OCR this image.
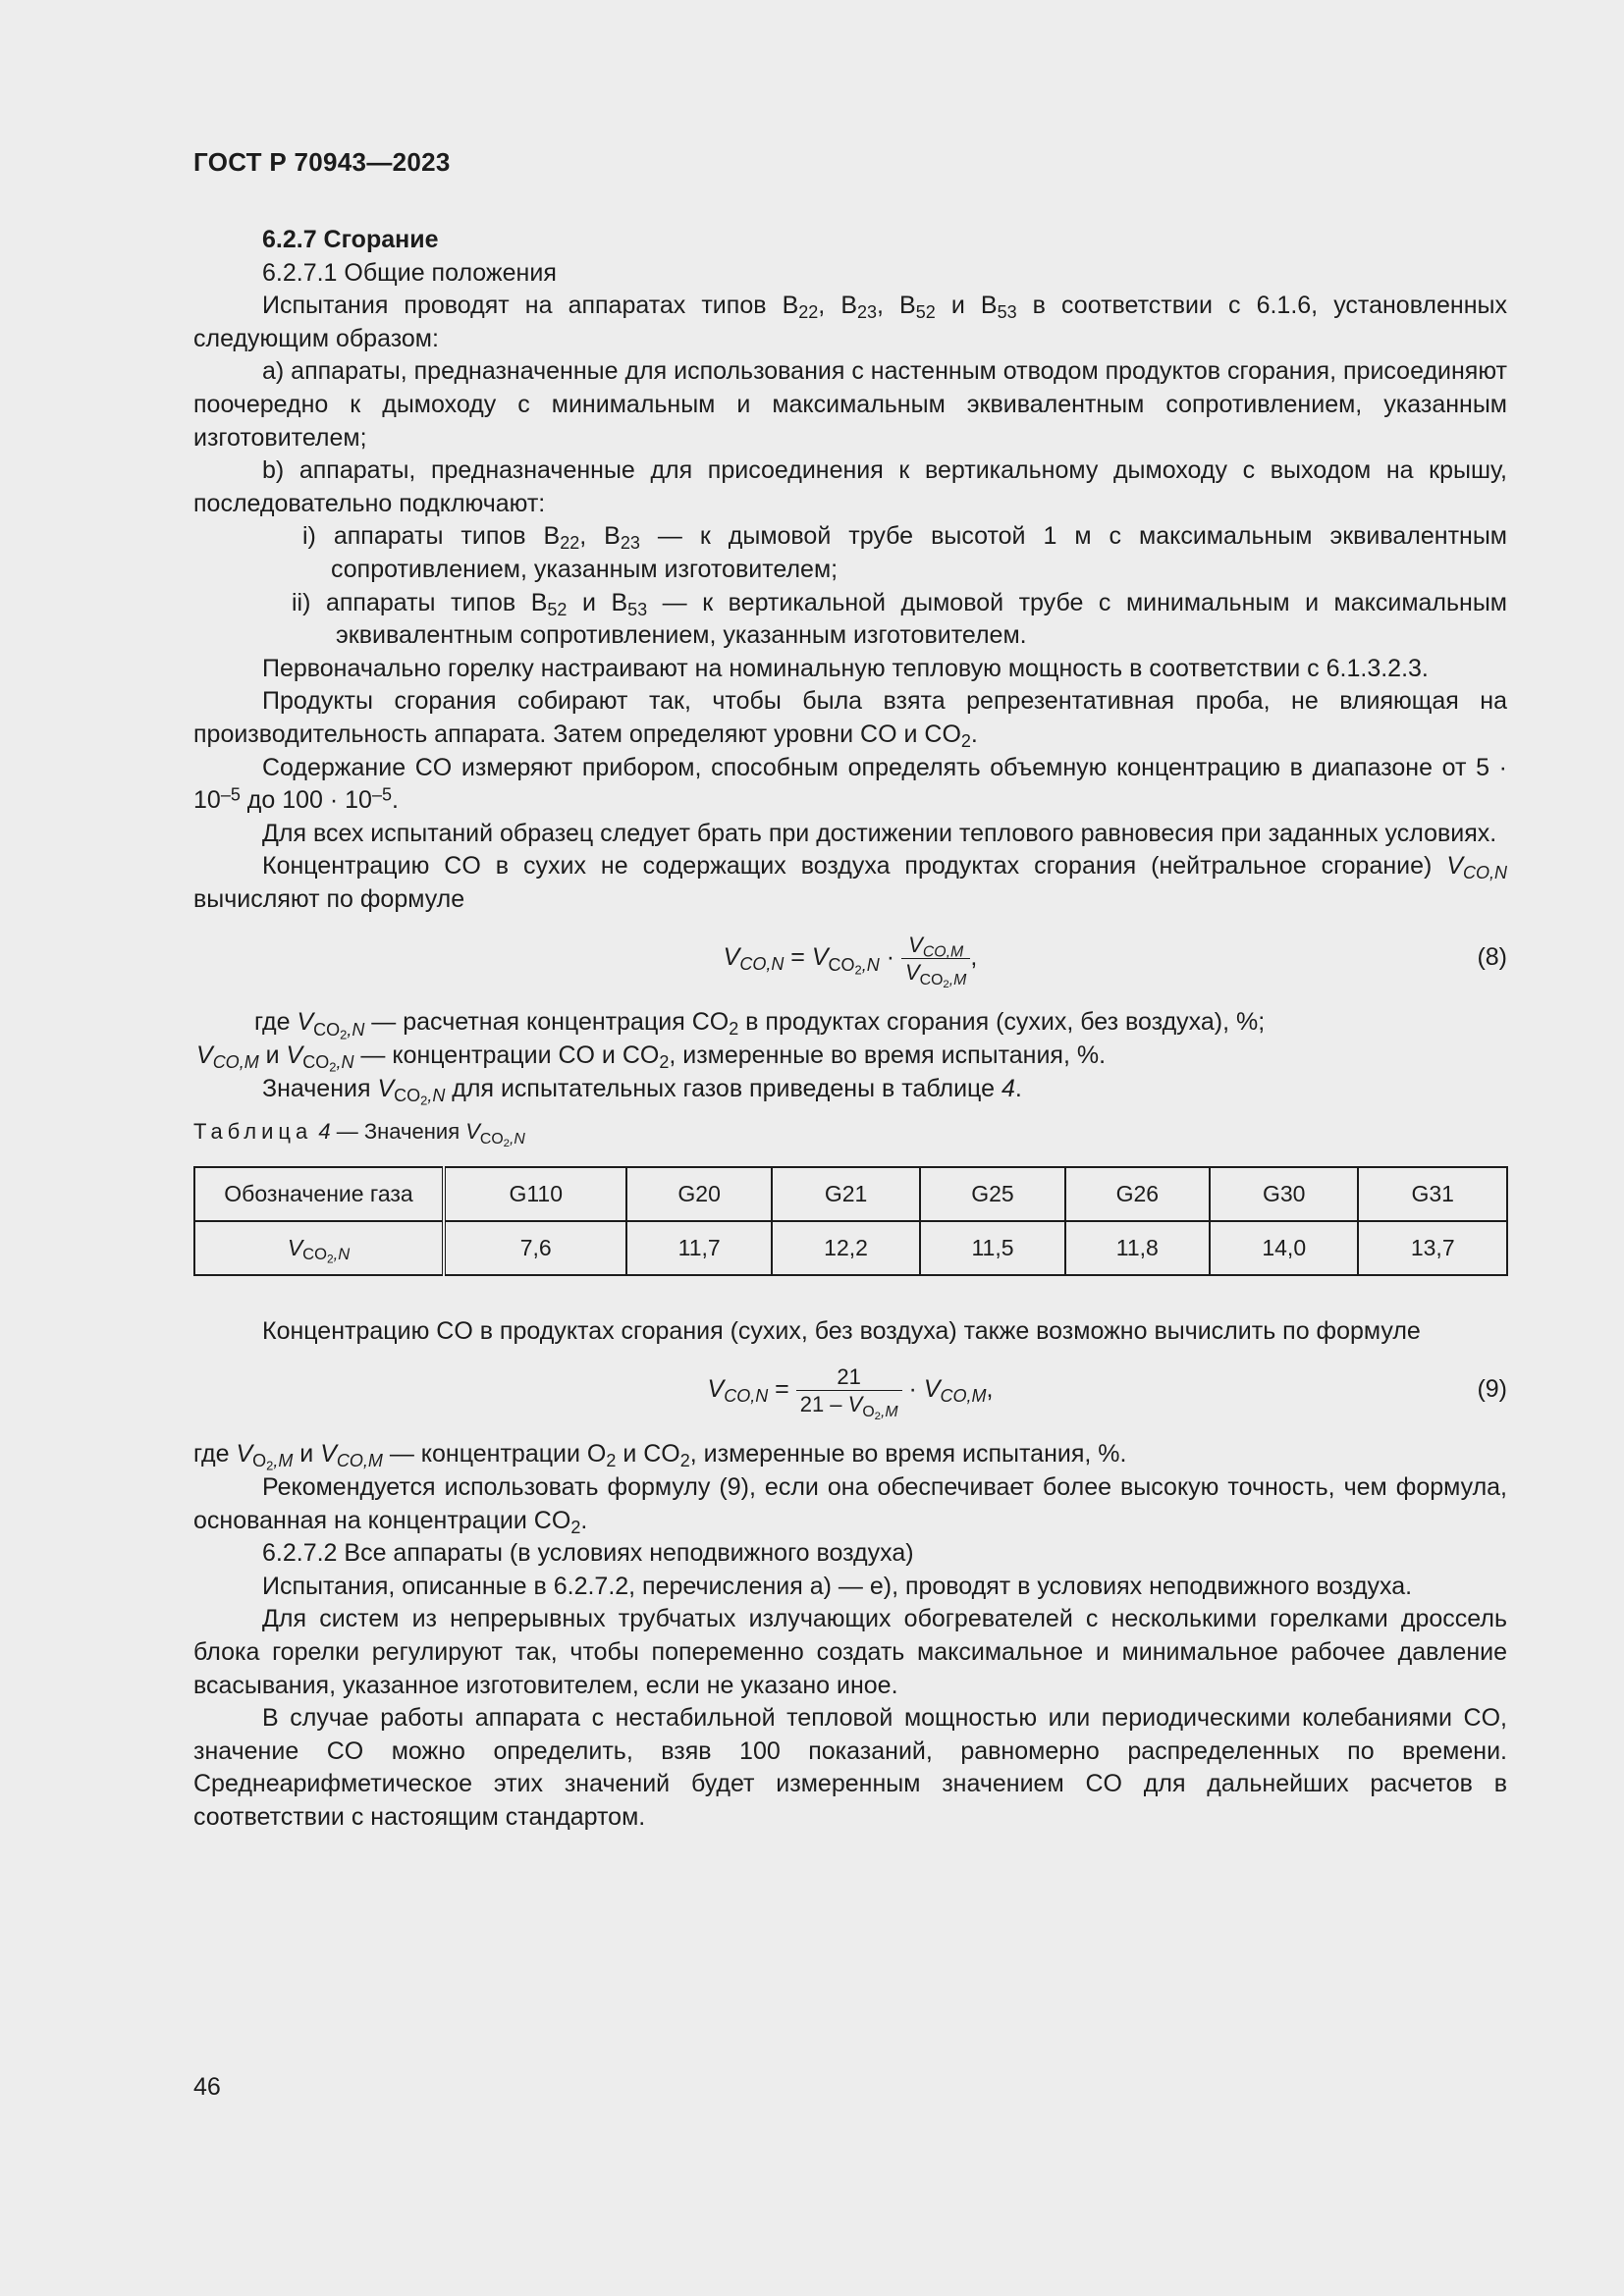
ГОСТ Р 70943—2023

6.2.7 Сгорание

6.2.7.1 Общие положения

Испытания проводят на аппаратах типов $B_{22}$, $B_{23}$, $B_{52}$ и $B_{53}$ в соответствии с 6.1.6, установленных следующим образом:

а) аппараты, предназначенные для использования с настенным отводом продуктов сгорания, присоединяют поочередно к дымоходу с минимальным и максимальным эквивалентным сопротивлением, указанным изготовителем;

b) аппараты, предназначенные для присоединения к вертикальному дымоходу с выходом на крышу, последовательно подключают:

i) аппараты типов $B_{22}$, $B_{23}$ — к дымовой трубе высотой 1 м с максимальным эквивалентным сопротивлением, указанным изготовителем;

ii) аппараты типов $B_{52}$ и $B_{53}$ — к вертикальной дымовой трубе с минимальным и максимальным эквивалентным сопротивлением, указанным изготовителем.

Первоначально горелку настраивают на номинальную тепловую мощность в соответствии с 6.1.3.2.3.

Продукты сгорания собирают так, чтобы была взята репрезентативная проба, не влияющая на производительность аппарата. Затем определяют уровни CO и $CO_2$.

Содержание CO измеряют прибором, способным определять объемную концентрацию в диапазоне от $5 \cdot 10^{-5}$ до $100 \cdot 10^{-5}$.

Для всех испытаний образец следует брать при достижении теплового равновесия при заданных условиях.

Концентрацию CO в сухих не содержащих воздуха продуктах сгорания (нейтральное сгорание) $V_{CO,N}$ вычисляют по формуле

$V_{CO,N} = V_{CO_2,N} \cdot \frac{V_{CO,M}}{V_{CO_2,M}}$ ,	(8)

где $V_{CO_2,N}$ — расчетная концентрация $CO_2$ в продуктах сгорания (сухих, без воздуха), %;

$V_{CO,M}$ и $V_{CO_2,N}$ — концентрации CO и $CO_2$, измеренные во время испытания, %.

Значения $V_{CO_2,N}$ для испытательных газов приведены в таблице 4.

Таблица 4 — Значения $V_{CO_2,N}$

Обозначение газа	G110	G20	G21	G25	G26	G30	G31
$V_{CO_2,N}$	7,6	11,7	12,2	11,5	11,8	14,0	13,7

Концентрацию CO в продуктах сгорания (сухих, без воздуха) также возможно вычислить по формуле

$V_{CO,N} = \frac{21}{21 - V_{O_2,M}} \cdot V_{CO,M}$,	(9)

где $V_{O_2,M}$ и $V_{CO,M}$ — концентрации $O_2$ и $CO_2$, измеренные во время испытания, %.

Рекомендуется использовать формулу (9), если она обеспечивает более высокую точность, чем формула, основанная на концентрации $CO_2$.

6.2.7.2 Все аппараты (в условиях неподвижного воздуха)

Испытания, описанные в 6.2.7.2, перечисления а) — е), проводят в условиях неподвижного воздуха.

Для систем из непрерывных трубчатых излучающих обогревателей с несколькими горелками дроссель блока горелки регулируют так, чтобы попеременно создать максимальное и минимальное рабочее давление всасывания, указанное изготовителем, если не указано иное.

В случае работы аппарата с нестабильной тепловой мощностью или периодическими колебаниями CO, значение CO можно определить, взяв 100 показаний, равномерно распределенных по времени. Среднеарифметическое этих значений будет измеренным значением CO для дальнейших расчетов в соответствии с настоящим стандартом.

46
